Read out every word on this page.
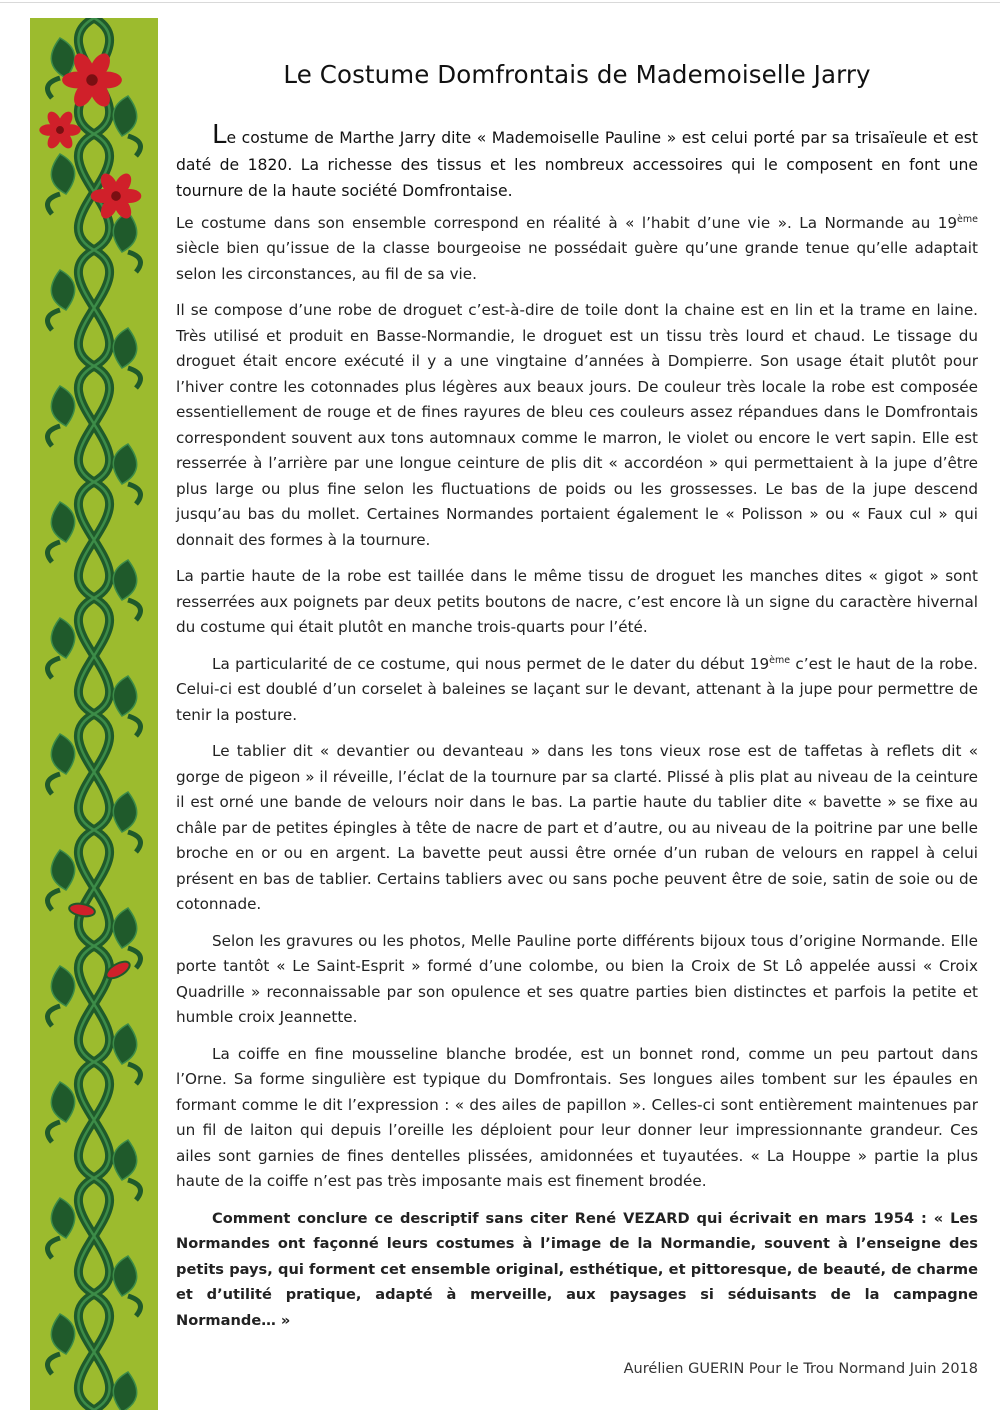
Le Costume Domfrontais de Mademoiselle Jarry

Le costume de Marthe Jarry dite « Mademoiselle Pauline » est celui porté par sa trisaïeule et est daté de 1820. La richesse des tissus et les nombreux accessoires qui le composent en font une tournure de la haute société Domfrontaise.

Le costume dans son ensemble correspond en réalité à « l’habit d’une vie ». La Normande au 19ème siècle bien qu’issue de la classe bourgeoise ne possédait guère qu’une grande tenue qu’elle adaptait selon les circonstances, au fil de sa vie.

Il se compose d’une robe de droguet c’est-à-dire de toile dont la chaine est en lin et la trame en laine. Très utilisé et produit en Basse-Normandie, le droguet est un tissu très lourd et chaud. Le tissage du droguet était encore exécuté il y a une vingtaine d’années à Dompierre. Son usage était plutôt pour l’hiver contre les cotonnades plus légères aux beaux jours. De couleur très locale la robe est composée essentiellement de rouge et de fines rayures de bleu ces couleurs assez répandues dans le Domfrontais correspondent souvent aux tons automnaux comme le marron, le violet ou encore le vert sapin. Elle est resserrée à l’arrière par une longue ceinture de plis dit « accordéon » qui permettaient à la jupe d’être plus large ou plus fine selon les fluctuations de poids ou les grossesses. Le bas de la jupe descend jusqu’au bas du mollet. Certaines Normandes portaient également le « Polisson » ou « Faux cul » qui donnait des formes à la tournure.

La partie haute de la robe est taillée dans le même tissu de droguet les manches dites « gigot » sont resserrées aux poignets par deux petits boutons de nacre, c’est encore là un signe du caractère hivernal du costume qui était plutôt en manche trois-quarts pour l’été.

La particularité de ce costume, qui nous permet de le dater du début 19ème c’est le haut de la robe. Celui-ci est doublé d’un corselet à baleines se laçant sur le devant, attenant à la jupe pour permettre de tenir la posture.

Le tablier dit « devantier ou devanteau » dans les tons vieux rose est de taffetas à reflets dit « gorge de pigeon » il réveille, l’éclat de la tournure par sa clarté. Plissé à plis plat au niveau de la ceinture il est orné une bande de velours noir dans le bas. La partie haute du tablier dite « bavette » se fixe au châle par de petites épingles à tête de nacre de part et d’autre, ou au niveau de la poitrine par une belle broche en or ou en argent. La bavette peut aussi être ornée d’un ruban de velours en rappel à celui présent en bas de tablier. Certains tabliers avec ou sans poche peuvent être de soie, satin de soie ou de cotonnade.

Selon les gravures ou les photos, Melle Pauline porte différents bijoux tous d’origine Normande. Elle porte tantôt « Le Saint-Esprit » formé d’une colombe, ou bien la Croix de St Lô appelée aussi « Croix Quadrille » reconnaissable par son opulence et ses quatre parties bien distinctes et parfois la petite et humble croix Jeannette.

La coiffe en fine mousseline blanche brodée, est un bonnet rond, comme un peu partout dans l’Orne. Sa forme singulière est typique du Domfrontais. Ses longues ailes tombent sur les épaules en formant comme le dit l’expression : « des ailes de papillon ». Celles-ci sont entièrement maintenues par un fil de laiton qui depuis l’oreille les déploient pour leur donner leur impressionnante grandeur. Ces ailes sont garnies de fines dentelles plissées, amidonnées et tuyautées. « La Houppe » partie la plus haute de la coiffe n’est pas très imposante mais est finement brodée.

Comment conclure ce descriptif sans citer René VEZARD qui écrivait en mars 1954 : « Les Normandes ont façonné leurs costumes à l’image de la Normandie, souvent à l’enseigne des petits pays, qui forment cet ensemble original, esthétique, et pittoresque, de beauté, de charme et d’utilité pratique, adapté à merveille, aux paysages si séduisants de la campagne Normande… »

Aurélien GUERIN Pour le Trou Normand Juin 2018
